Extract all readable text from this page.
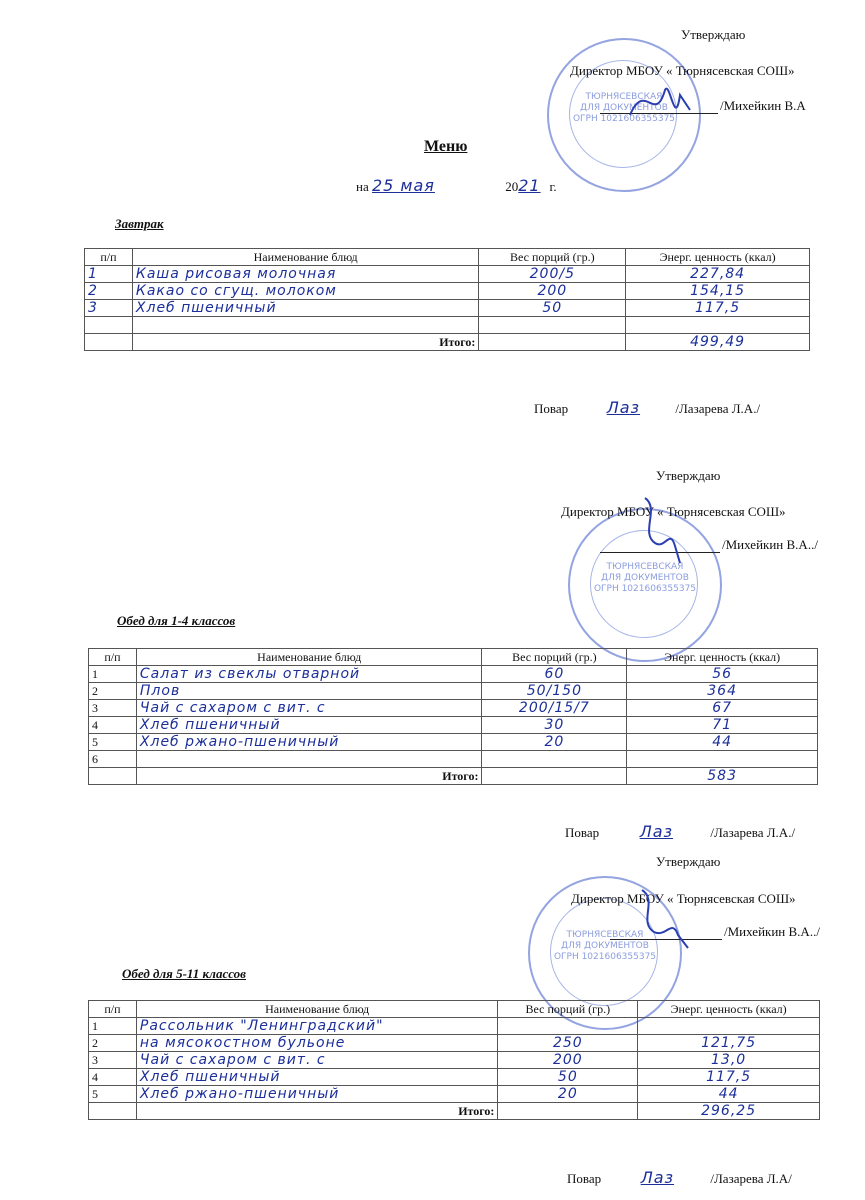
ТЮРНЯСЕВСКАЯ
ДЛЯ ДОКУМЕНТОВ
ОГРН 1021606355375
Утверждаю
Директор МБОУ « Тюрнясевская СОШ»
/Михейкин В.А
Меню
на 25 мая	2021 г.
Завтрак
п/п	Наименование блюд	Вес порций (гр.)	Энерг. ценность (ккал)
1	Каша рисовая молочная	200/5	227,84
2	Какао со сгущ. молоком	200	154,15
3	Хлеб пшеничный	50	117,5

	Итого:		499,49
Повар Лаз	/Лазарева Л.А./
ТЮРНЯСЕВСКАЯ
ДЛЯ ДОКУМЕНТОВ
ОГРН 1021606355375
Утверждаю
Директор МБОУ « Тюрнясевская СОШ»
/Михейкин В.А../
Обед для 1-4 классов
п/п	Наименование блюд	Вес порций (гр.)	Энерг. ценность (ккал)
1	Салат из свеклы отварной	60	56
2	Плов	50/150	364
3	Чай с сахаром с вит. с	200/15/7	67
4	Хлеб пшеничный	30	71
5	Хлеб ржано-пшеничный	20	44
6			
	Итого:		583
Повар	Лаз	/Лазарева Л.А./
ТЮРНЯСЕВСКАЯ
ДЛЯ ДОКУМЕНТОВ
ОГРН 1021606355375
Утверждаю
Директор МБОУ « Тюрнясевская СОШ»
/Михейкин В.А../
Обед для 5-11 классов
п/п	Наименование блюд	Вес порций (гр.)	Энерг. ценность (ккал)
1	Рассольник "Ленинградский"		
2	на мясокостном бульоне	250	121,75
3	Чай с сахаром с вит. с	200	13,0
4	Хлеб пшеничный	50	117,5
5	Хлеб ржано-пшеничный	20	44
	Итого:		296,25
Повар Лаз	/Лазарева Л.А/
